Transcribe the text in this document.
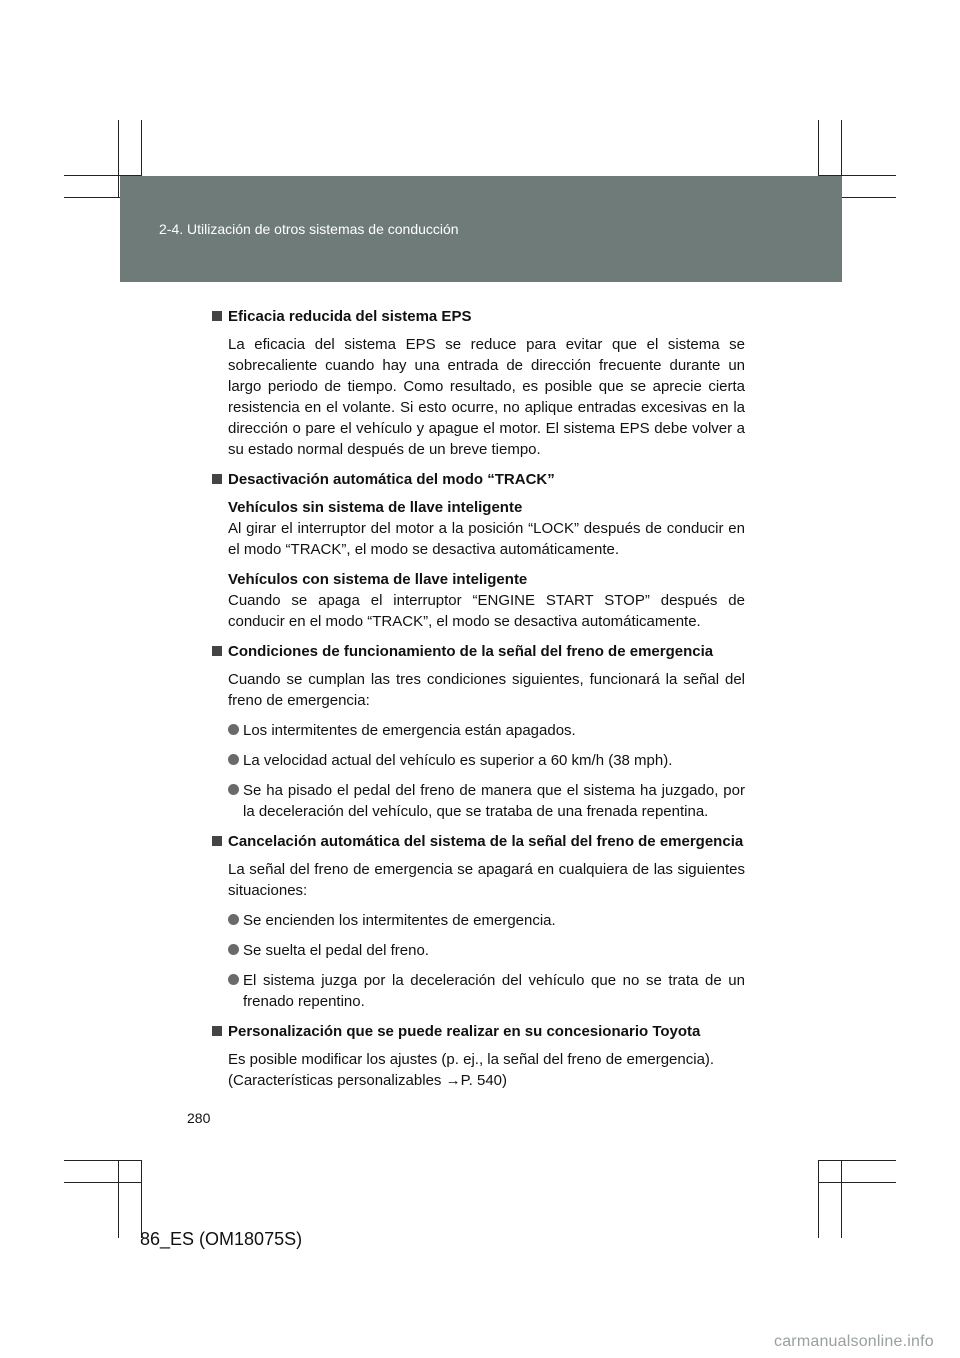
2-4. Utilización de otros sistemas de conducción
Eficacia reducida del sistema EPS
La eficacia del sistema EPS se reduce para evitar que el sistema se sobrecaliente cuando hay una entrada de dirección frecuente durante un largo periodo de tiempo. Como resultado, es posible que se aprecie cierta resistencia en el volante. Si esto ocurre, no aplique entradas excesivas en la dirección o pare el vehículo y apague el motor. El sistema EPS debe volver a su estado normal después de un breve tiempo.
Desactivación automática del modo “TRACK”
Vehículos sin sistema de llave inteligente
Al girar el interruptor del motor a la posición “LOCK” después de conducir en el modo “TRACK”, el modo se desactiva automáticamente.
Vehículos con sistema de llave inteligente
Cuando se apaga el interruptor “ENGINE START STOP” después de conducir en el modo “TRACK”, el modo se desactiva automáticamente.
Condiciones de funcionamiento de la señal del freno de emergencia
Cuando se cumplan las tres condiciones siguientes, funcionará la señal del freno de emergencia:
Los intermitentes de emergencia están apagados.
La velocidad actual del vehículo es superior a 60 km/h (38 mph).
Se ha pisado el pedal del freno de manera que el sistema ha juzgado, por la deceleración del vehículo, que se trataba de una frenada repentina.
Cancelación automática del sistema de la señal del freno de emergencia
La señal del freno de emergencia se apagará en cualquiera de las siguientes situaciones:
Se encienden los intermitentes de emergencia.
Se suelta el pedal del freno.
El sistema juzga por la deceleración del vehículo que no se trata de un frenado repentino.
Personalización que se puede realizar en su concesionario Toyota
Es posible modificar los ajustes (p. ej., la señal del freno de emergencia). (Características personalizables →P. 540)
280
86_ES (OM18075S)
carmanualsonline.info
